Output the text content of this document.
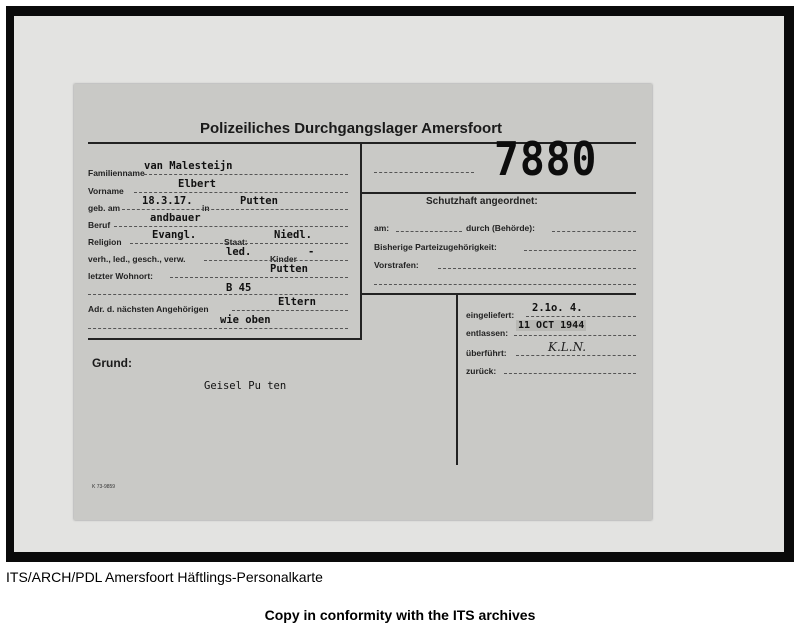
Polizeiliches Durchgangslager Amersfoort
7880
Familienname
van Malesteijn
Vorname
Elbert
geb. am
18.3.17.
in
Putten
Beruf
andbauer
Religion
Evangl.
Staat:
Niedl.
verh., led., gesch., verw.
led.
Kinder
-
letzter Wohnort:
Putten
B 45
Adr. d. nächsten Angehörigen
Eltern
wie oben
Schutzhaft angeordnet:
am:	durch (Behörde):
Bisherige Parteizugehörigkeit:
Vorstrafen:
eingeliefert:
2.1o. 4.
entlassen:
11 OCT 1944
überführt:	K.L.N.
zurück:
Grund:
Geisel Pu ten
K 73-9859
ITS/ARCH/PDL Amersfoort Häftlings-Personalkarte
Copy in conformity with the ITS archives
